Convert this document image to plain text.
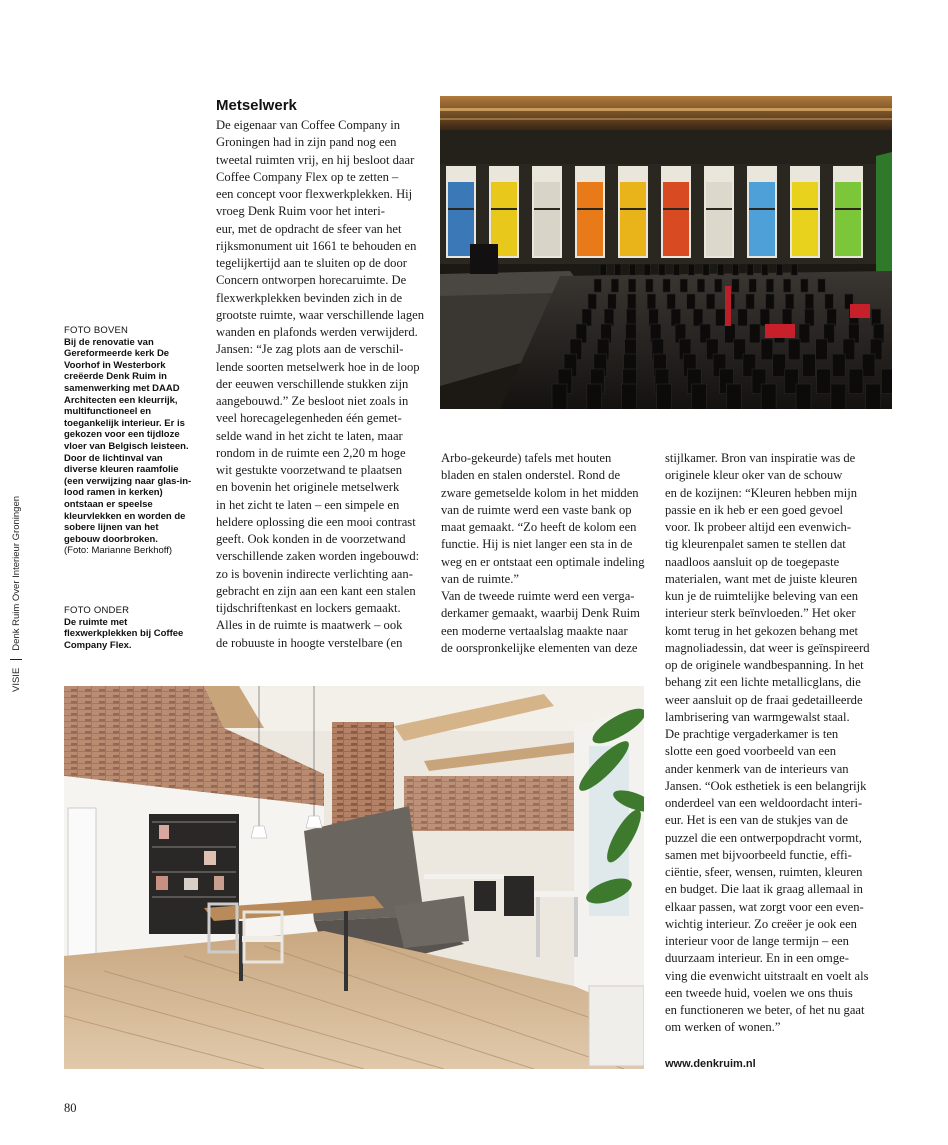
VISIE
Denk Ruim Over Interieur

Groningen
FOTO BOVEN
Bij de renovatie van Gereformeerde kerk De Voorhof in Westerbork creëerde Denk Ruim in samenwerking met DAAD Architecten een kleurrijk, multifunctioneel en toegankelijk interieur. Er is gekozen voor een tijdloze vloer van Belgisch leisteen. Door de lichtinval van diverse kleuren raamfolie (een verwijzing naar glas-in-lood ramen in kerken) ontstaan er speelse kleurvlekken en worden de sobere lijnen van het gebouw doorbroken.
(Foto: Marianne Berkhoff)
FOTO ONDER
De ruimte met flexwerkplekken bij Coffee Company Flex.
Metselwerk

De eigenaar van Coffee Company in

Groningen had in zijn pand nog een

tweetal ruimten vrij, en hij besloot daar

Coffee Company Flex op te zetten –

een concept voor flexwerkplekken. Hij

vroeg Denk Ruim voor het interi-

eur, met de opdracht de sfeer van het

rijksmonument uit 1661 te behouden en

tegelijkertijd aan te sluiten op de door

Concern ontworpen horecaruimte. De

flexwerkplekken bevinden zich in de

grootste ruimte, waar verschillende lagen

wanden en plafonds werden verwijderd.

Jansen: “Je zag plots aan de verschil-

lende soorten metselwerk hoe in de loop

der eeuwen verschillende stukken zijn

aangebouwd.” Ze besloot niet zoals in

veel horecagelegenheden één gemet-

selde wand in het zicht te laten, maar

rondom in de ruimte een 2,20 m hoge

wit gestukte voorzetwand te plaatsen

en bovenin het originele metselwerk

in het zicht te laten – een simpele en

heldere oplossing die een mooi contrast

geeft. Ook konden in de voorzetwand

verschillende zaken worden ingebouwd:

zo is bovenin indirecte verlichting aan-

gebracht en zijn aan een kant een stalen

tijdschriftenkast en lockers gemaakt.

Alles in de ruimte is maatwerk – ook

de robuuste in hoogte verstelbare (en

Arbo-gekeurde) tafels met houten

bladen en stalen onderstel. Rond de

zware gemetselde kolom in het midden

van de ruimte werd een vaste bank op

maat gemaakt. “Zo heeft de kolom een

functie. Hij is niet langer een sta in de

weg en er ontstaat een optimale indeling

van de ruimte.”

Van de tweede ruimte werd een verga-

derkamer gemaakt, waarbij Denk Ruim

een moderne vertaalslag maakte naar

de oorspronkelijke elementen van deze

stijlkamer. Bron van inspiratie was de

originele kleur oker van de schouw

en de kozijnen: “Kleuren hebben mijn

passie en ik heb er een goed gevoel

voor. Ik probeer altijd een evenwich-

tig kleurenpalet samen te stellen dat

naadloos aansluit op de toegepaste

materialen, want met de juiste kleuren

kun je de ruimtelijke beleving van een

interieur sterk beïnvloeden.” Het oker

komt terug in het gekozen behang met

magnoliadessin, dat weer is geïnspireerd

op de originele wandbespanning. In het

behang zit een lichte metallicglans, die

weer aansluit op de fraai gedetailleerde

lambrisering van warmgewalst staal.

De prachtige vergaderkamer is ten

slotte een goed voorbeeld van een

ander kenmerk van de interieurs van

Jansen. “Ook esthetiek is een belangrijk

onderdeel van een weldoordacht interi-

eur. Het is een van de stukjes van de

puzzel die een ontwerpopdracht vormt,

samen met bijvoorbeeld functie, effi-

ciëntie, sfeer, wensen, ruimten, kleuren

en budget. Die laat ik graag allemaal in

elkaar passen, wat zorgt voor een even-

wichtig interieur. Zo creëer je ook een

interieur voor de lange termijn – een

duurzaam interieur. En in een omge-

ving die evenwicht uitstraalt en voelt als

een tweede huid, voelen we ons thuis

en functioneren we beter, of het nu gaat

om werken of wonen.”

www.denkruim.nl
80
